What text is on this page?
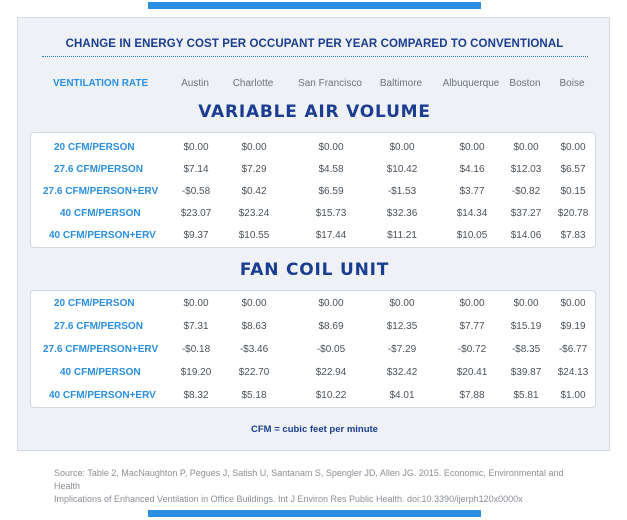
CHANGE IN ENERGY COST PER OCCUPANT PER YEAR COMPARED TO CONVENTIONAL
VENTILATION RATE	Austin	Charlotte	San Francisco	Baltimore	Albuquerque	Boston	Boise
VARIABLE AIR VOLUME
20 CFM/PERSON	$0.00	$0.00	$0.00	$0.00	$0.00	$0.00	$0.00
27.6 CFM/PERSON	$7.14	$7.29	$4.58	$10.42	$4.16	$12.03	$6.57
27.6 CFM/PERSON+ERV	-$0.58	$0.42	$6.59	-$1.53	$3.77	-$0.82	$0.15
40 CFM/PERSON	$23.07	$23.24	$15.73	$32.36	$14.34	$37.27	$20.78
40 CFM/PERSON+ERV	$9.37	$10.55	$17.44	$11.21	$10.05	$14.06	$7.83
FAN COIL UNIT
20 CFM/PERSON	$0.00	$0.00	$0.00	$0.00	$0.00	$0.00	$0.00
27.6 CFM/PERSON	$7.31	$8.63	$8.69	$12.35	$7.77	$15.19	$9.19
27.6 CFM/PERSON+ERV	-$0.18	-$3.46	-$0.05	-$7.29	-$0.72	-$8.35	-$6.77
40 CFM/PERSON	$19.20	$22.70	$22.94	$32.42	$20.41	$39.87	$24.13
40 CFM/PERSON+ERV	$8.32	$5.18	$10.22	$4.01	$7.88	$5.81	$1.00
CFM = cubic feet per minute
Source: Table 2, MacNaughton P, Pegues J, Satish U, Santanam S, Spengler JD, Allen JG. 2015. Economic, Environmental and Health
Implications of Enhanced Ventilation in Office Buildings. Int J Environ Res Public Health. doi:10.3390/ijerph120x0000x
